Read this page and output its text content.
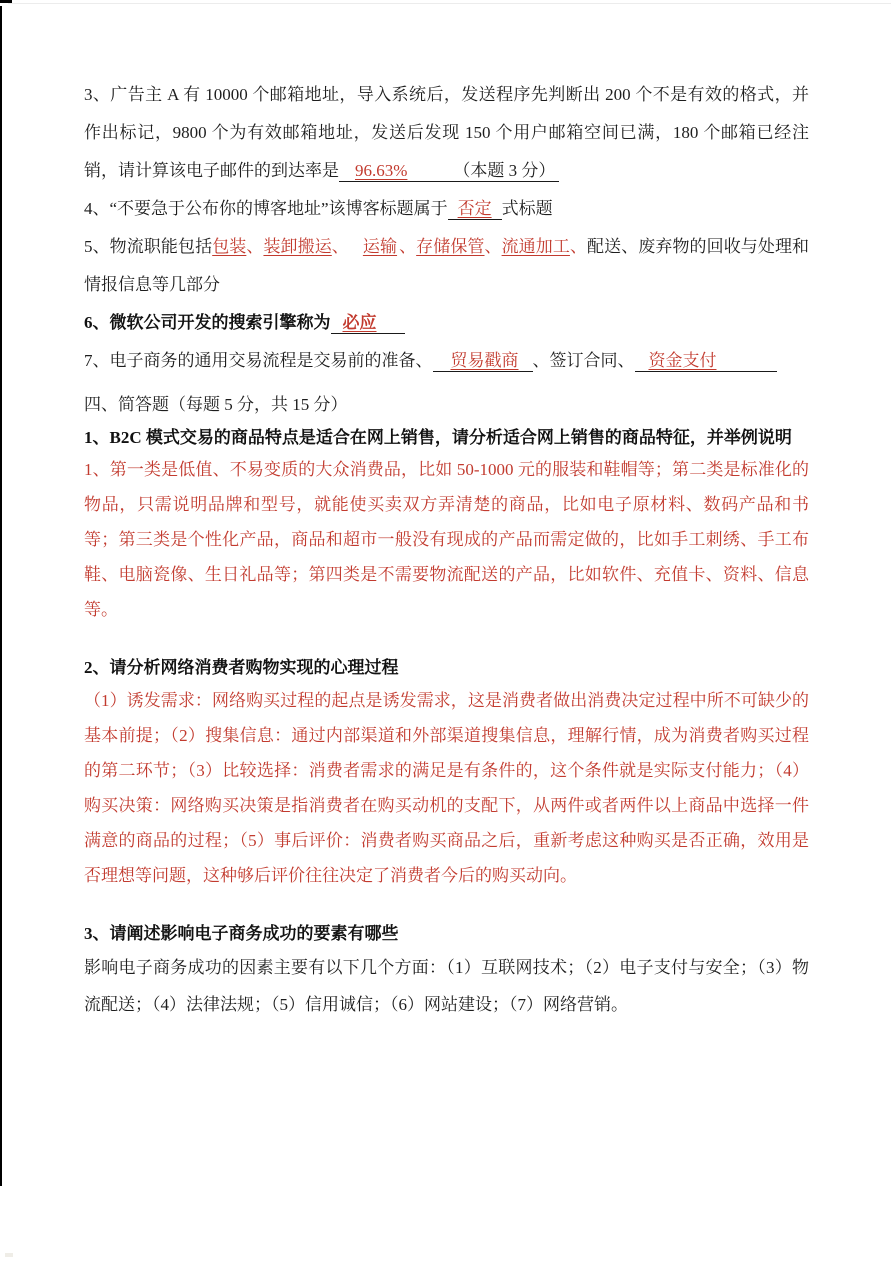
3、广告主 A 有 10000 个邮箱地址，导入系统后，发送程序先判断出 200 个不是有效的格式，并作出标记，9800 个为有效邮箱地址，发送后发现 150 个用户邮箱空间已满，180 个邮箱已经注销，请计算该电子邮件的到达率是 96.63%	（本题 3 分）
4、“不要急于公布你的博客地址”该博客标题属于 否定 式标题
5、物流职能包括包装、装卸搬运、 运输 、存储保管、流通加工、配送、废弃物的回收与处理和情报信息等几部分
6、微软公司开发的搜索引擎称为 必应
7、电子商务的通用交易流程是交易前的准备、 贸易戳商 、签订合同、 资金支付
四、简答题（每题 5 分，共 15 分）
1、B2C 模式交易的商品特点是适合在网上销售，请分析适合网上销售的商品特征，并举例说明
1、第一类是低值、不易变质的大众消费品，比如 50-1000 元的服装和鞋帽等；第二类是标准化的物品，只需说明品牌和型号，就能使买卖双方弄清楚的商品，比如电子原材料、数码产品和书等；第三类是个性化产品，商品和超市一般没有现成的产品而需定做的，比如手工刺绣、手工布鞋、电脑瓷像、生日礼品等；第四类是不需要物流配送的产品，比如软件、充值卡、资料、信息等。
2、请分析网络消费者购物实现的心理过程
（1）诱发需求：网络购买过程的起点是诱发需求，这是消费者做出消费决定过程中所不可缺少的基本前提；（2）搜集信息：通过内部渠道和外部渠道搜集信息，理解行情，成为消费者购买过程的第二环节；（3）比较选择：消费者需求的满足是有条件的，这个条件就是实际支付能力；（4）购买决策：网络购买决策是指消费者在购买动机的支配下，从两件或者两件以上商品中选择一件满意的商品的过程；（5）事后评价：消费者购买商品之后，重新考虑这种购买是否正确，效用是否理想等问题，这种够后评价往往决定了消费者今后的购买动向。
3、请阐述影响电子商务成功的要素有哪些
影响电子商务成功的因素主要有以下几个方面：（1）互联网技术；（2）电子支付与安全；（3）物流配送；（4）法律法规；（5）信用诚信；（6）网站建设；（7）网络营销。
